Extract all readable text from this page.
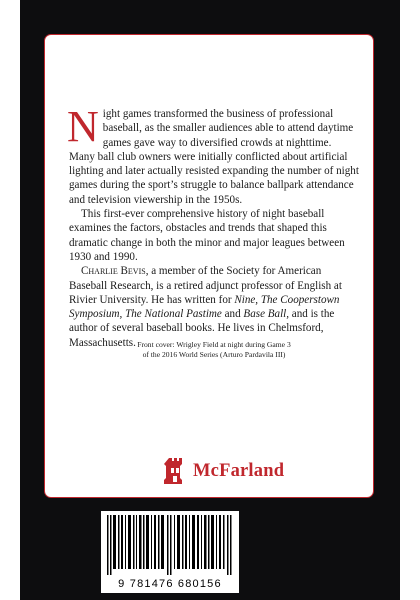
Night games transformed the business of professional baseball, as the smaller audiences able to attend daytime games gave way to diversified crowds at nighttime. Many ball club owners were initially conflicted about artificial lighting and later actually resisted expanding the number of night games during the sport’s struggle to balance ballpark attendance and television viewership in the 1950s.

This first-ever comprehensive history of night baseball examines the factors, obstacles and trends that shaped this dramatic change in both the minor and major leagues between 1930 and 1990.

Charlie Bevis, a member of the Society for American Baseball Research, is a retired adjunct professor of English at Rivier University. He has written for Nine, The Cooperstown Symposium, The National Pastime and Base Ball, and is the author of several baseball books. He lives in Chelmsford, Massachusetts. Front cover: Wrigley Field at night during Game 3
of the 2016 World Series (Arturo Pardavila III)
McFarland
9 781476 680156
